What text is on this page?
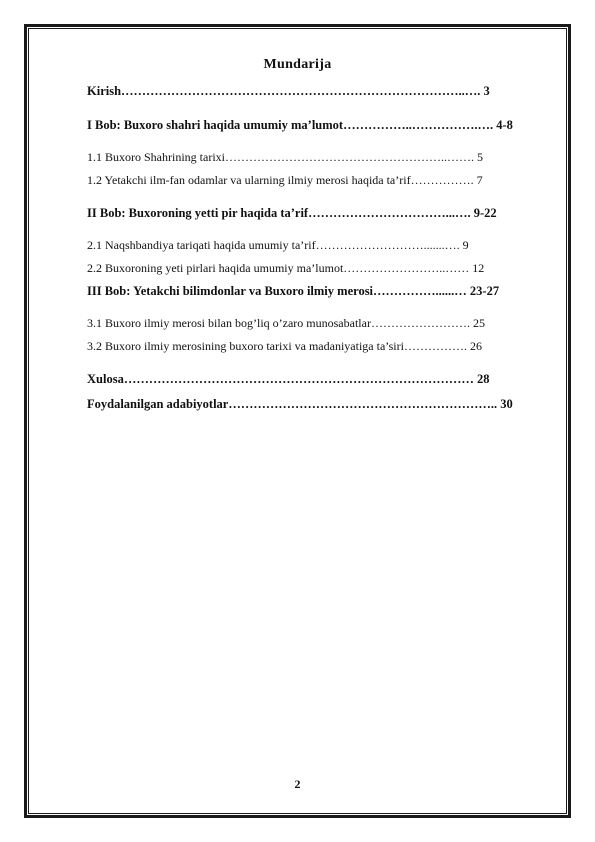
Mundarija
Kirish………………………………………………………………………..…. 3
I Bob: Buxoro shahri haqida umumiy ma’lumot……………..…………….…. 4-8
1.1 Buxoro Shahrining tarixi………………………………………………..……. 5
1.2 Yetakchi ilm-fan odamlar va ularning ilmiy merosi haqida ta’rif……………. 7
II Bob: Buxoroning yetti pir haqida ta’rif……………………………...…. 9-22
2.1 Naqshbandiya tariqati haqida umumiy ta’rif……………………….......…. 9
2.2 Buxoroning yeti pirlari haqida umumiy ma’lumot……………………..…… 12
III Bob: Yetakchi bilimdonlar va Buxoro ilmiy merosi……………......… 23-27
3.1 Buxoro ilmiy merosi bilan bog’liq o’zaro munosabatlar……………………. 25
3.2 Buxoro ilmiy merosining buxoro tarixi va madaniyatiga ta’siri……………. 26
Xulosa………………………………………………………………………… 28
Foydalanilgan adabiyotlar……………………………………………………….. 30
2
